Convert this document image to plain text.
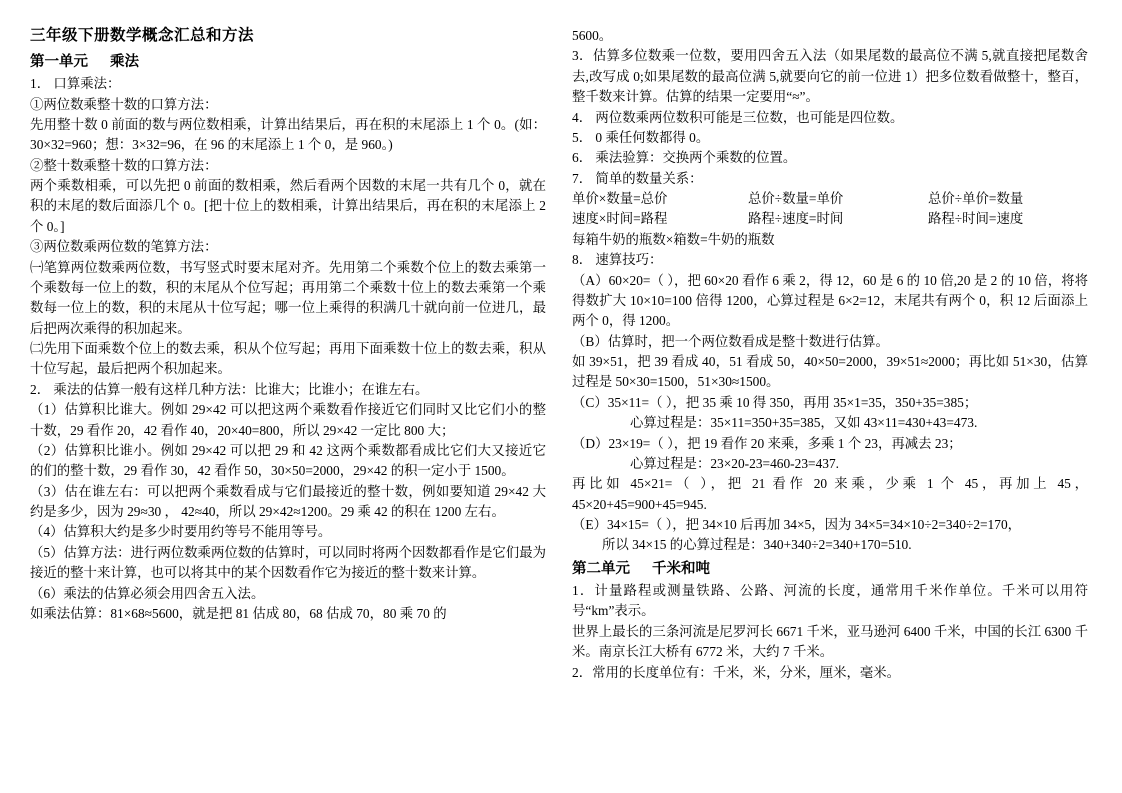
三年级下册数学概念汇总和方法
第一单元 乘法

1． 口算乘法：

①两位数乘整十数的口算方法：

先用整十数 0 前面的数与两位数相乘，计算出结果后，再在积的末尾添上 1 个 0。(如：30×32=960；想：3×32=96，在 96 的末尾添上 1 个 0，是 960。)

②整十数乘整十数的口算方法：

两个乘数相乘，可以先把 0 前面的数相乘，然后看两个因数的末尾一共有几个 0，就在积的末尾的数后面添几个 0。[把十位上的数相乘，计算出结果后，再在积的末尾添上 2 个 0。]

③两位数乘两位数的笔算方法：

㈠笔算两位数乘两位数，书写竖式时要末尾对齐。先用第二个乘数个位上的数去乘第一个乘数每一位上的数，积的末尾从个位写起；再用第二个乘数十位上的数去乘第一个乘数每一位上的数，积的末尾从十位写起；哪一位上乘得的积满几十就向前一位进几，最后把两次乘得的积加起来。

㈡先用下面乘数个位上的数去乘，积从个位写起；再用下面乘数十位上的数去乘，积从十位写起，最后把两个积加起来。

2． 乘法的估算一般有这样几种方法：比谁大；比谁小；在谁左右。

（1）估算积比谁大。例如 29×42 可以把这两个乘数看作接近它们同时又比它们小的整十数，29 看作 20，42 看作 40，20×40=800，所以 29×42 一定比 800 大；

（2）估算积比谁小。例如 29×42 可以把 29 和 42 这两个乘数都看成比它们大又接近它的们的整十数，29 看作 30，42 看作 50，30×50=2000，29×42 的积一定小于 1500。

（3）估在谁左右：可以把两个乘数看成与它们最接近的整十数，例如要知道 29×42 大约是多少，因为 29≈30 ， 42≈40，所以 29×42≈1200。29 乘 42 的积在 1200 左右。

（4）估算积大约是多少时要用约等号不能用等号。

（5）估算方法：进行两位数乘两位数的估算时，可以同时将两个因数都看作是它们最为接近的整十来计算，也可以将其中的某个因数看作它为接近的整十数来计算。

（6）乘法的估算必须会用四舍五入法。

如乘法估算：81×68≈5600，就是把 81 估成 80，68 估成 70，80 乘 70 的

5600。

3．估算多位数乘一位数，要用四舍五入法（如果尾数的最高位不满 5,就直接把尾数舍去,改写成 0;如果尾数的最高位满 5,就要向它的前一位进 1）把多位数看做整十，整百，整千数来计算。估算的结果一定要用“≈”。

4． 两位数乘两位数积可能是三位数，也可能是四位数。

5． 0 乘任何数都得 0。

6． 乘法验算：交换两个乘数的位置。

7． 简单的数量关系：

单价×数量=总价	总价÷数量=单价	总价÷单价=数量
速度×时间=路程	路程÷速度=时间	路程÷时间=速度

每箱牛奶的瓶数×箱数=牛奶的瓶数

8． 速算技巧：

（A）60×20=（ ），把 60×20 看作 6 乘 2，得 12，60 是 6 的 10 倍,20 是 2 的 10 倍，将将得数扩大 10×10=100 倍得 1200，心算过程是 6×2=12，末尾共有两个 0，积 12 后面添上两个 0，得 1200。

（B）估算时，把一个两位数看成是整十数进行估算。

如 39×51，把 39 看成 40，51 看成 50，40×50=2000，39×51≈2000；再比如 51×30，估算过程是 50×30=1500，51×30≈1500。

（C）35×11=（ ），把 35 乘 10 得 350，再用 35×1=35，350+35=385；

心算过程是：35×11=350+35=385，又如 43×11=430+43=473.

（D）23×19=（ ），把 19 看作 20 来乘，多乘 1 个 23，再减去 23；

心算过程是：23×20-23=460-23=437.

再比如 45×21=（ ），把 21 看作 20 来乘，少乘 1 个 45，再加上 45，45×20+45=900+45=945.

（E）34×15=（ ），把 34×10 后再加 34×5，因为 34×5=34×10÷2=340÷2=170，

所以 34×15 的心算过程是：340+340÷2=340+170=510.

第二单元 千米和吨

1．计量路程或测量铁路、公路、河流的长度，通常用千米作单位。千米可以用符号“km”表示。

世界上最长的三条河流是尼罗河长 6671 千米，亚马逊河 6400 千米，中国的长江 6300 千米。南京长江大桥有 6772 米，大约 7 千米。

2．常用的长度单位有：千米，米，分米，厘米，毫米。
